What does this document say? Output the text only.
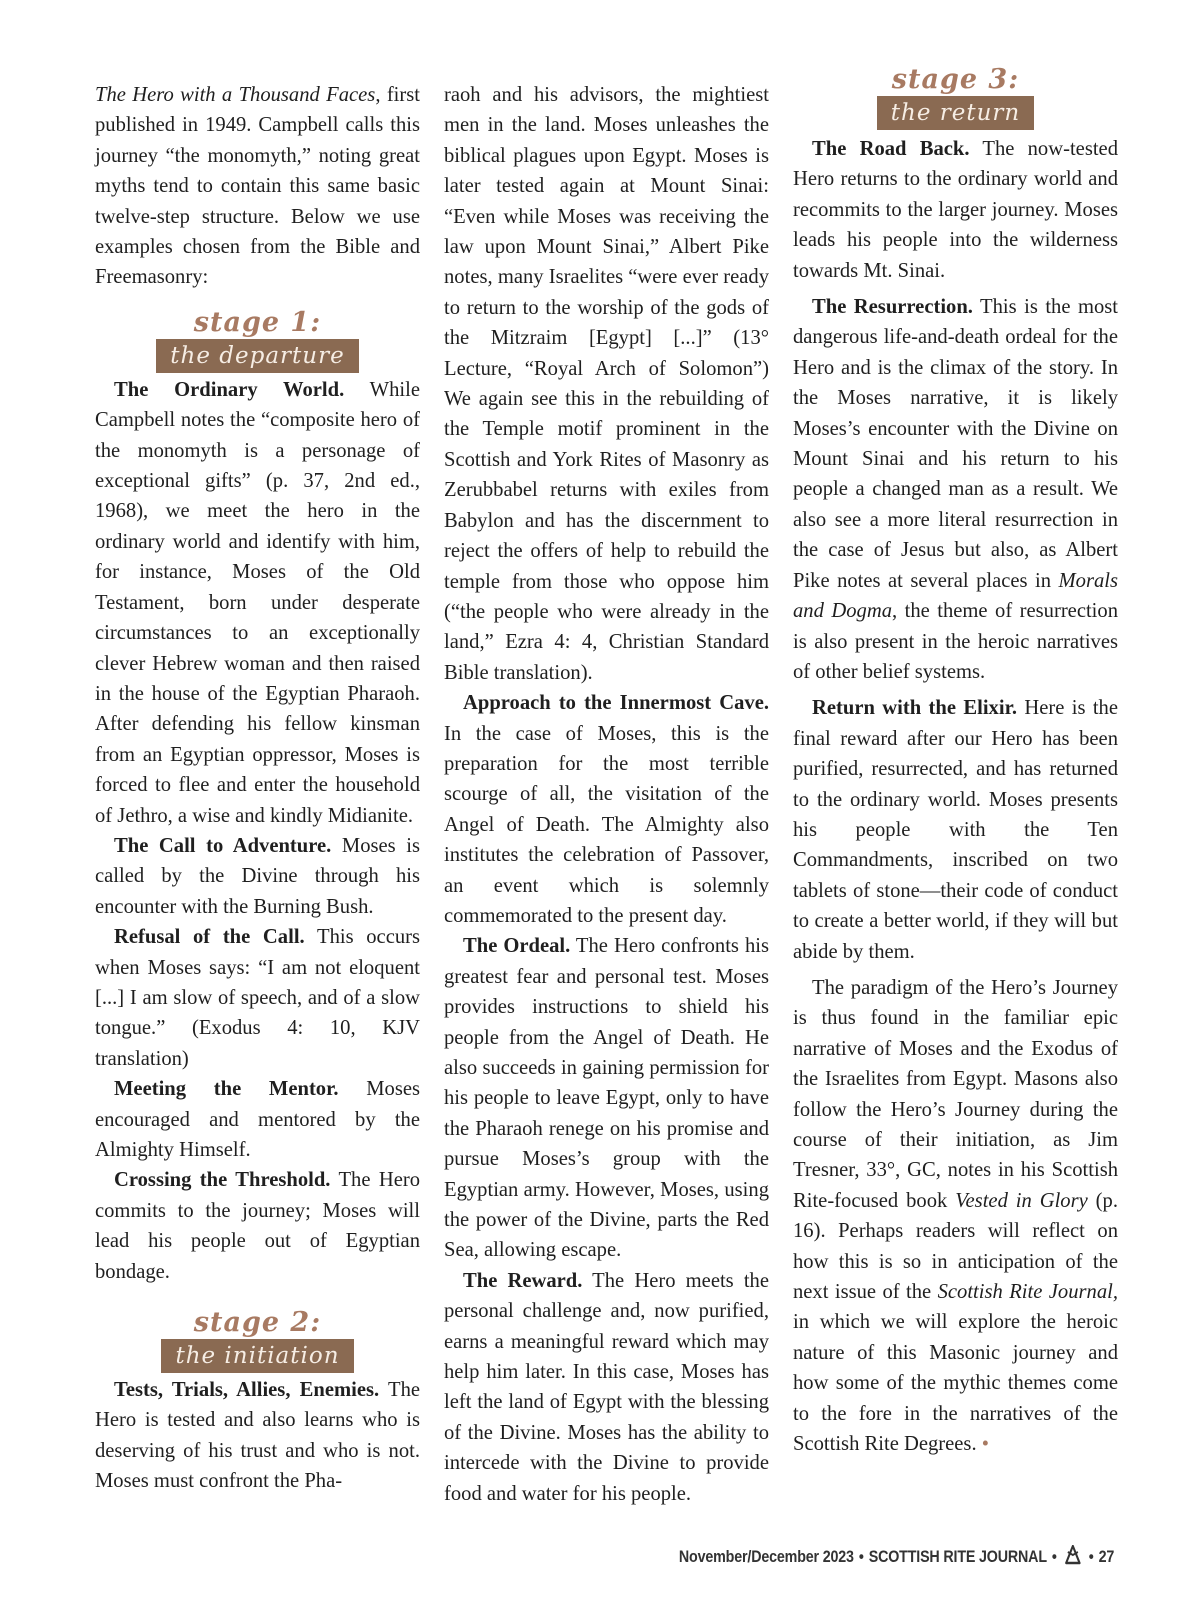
The Hero with a Thousand Faces, first published in 1949. Campbell calls this journey “the monomyth,” noting great myths tend to contain this same basic twelve-step structure. Below we use examples chosen from the Bible and Freemasonry:

stage 1:
the departure

The Ordinary World. While Campbell notes the “composite hero of the monomyth is a personage of exceptional gifts” (p. 37, 2nd ed., 1968), we meet the hero in the ordinary world and identify with him, for instance, Moses of the Old Testament, born under desperate circumstances to an exceptionally clever Hebrew woman and then raised in the house of the Egyptian Pharaoh. After defending his fellow kinsman from an Egyptian oppressor, Moses is forced to flee and enter the household of Jethro, a wise and kindly Midianite.

The Call to Adventure. Moses is called by the Divine through his encounter with the Burning Bush.

Refusal of the Call. This occurs when Moses says: “I am not eloquent [...] I am slow of speech, and of a slow tongue.” (Exodus 4: 10, KJV translation)

Meeting the Mentor. Moses encouraged and mentored by the Almighty Himself.

Crossing the Threshold. The Hero commits to the journey; Moses will lead his people out of Egyptian bondage.

stage 2:
the initiation

Tests, Trials, Allies, Enemies. The Hero is tested and also learns who is deserving of his trust and who is not. Moses must confront the Pha-

raoh and his advisors, the mightiest men in the land. Moses unleashes the biblical plagues upon Egypt. Moses is later tested again at Mount Sinai: “Even while Moses was receiving the law upon Mount Sinai,” Albert Pike notes, many Israelites “were ever ready to return to the worship of the gods of the Mitzraim [Egypt] [...]” (13° Lecture, “Royal Arch of Solomon”) We again see this in the rebuilding of the Temple motif prominent in the Scottish and York Rites of Masonry as Zerubbabel returns with exiles from Babylon and has the discernment to reject the offers of help to rebuild the temple from those who oppose him (“the people who were already in the land,” Ezra 4: 4, Christian Standard Bible translation).

Approach to the Innermost Cave. In the case of Moses, this is the preparation for the most terrible scourge of all, the visitation of the Angel of Death. The Almighty also institutes the celebration of Passover, an event which is solemnly commemorated to the present day.

The Ordeal. The Hero confronts his greatest fear and personal test. Moses provides instructions to shield his people from the Angel of Death. He also succeeds in gaining permission for his people to leave Egypt, only to have the Pharaoh renege on his promise and pursue Moses’s group with the Egyptian army. However, Moses, using the power of the Divine, parts the Red Sea, allowing escape.

The Reward. The Hero meets the personal challenge and, now purified, earns a meaningful reward which may help him later. In this case, Moses has left the land of Egypt with the blessing of the Divine. Moses has the ability to intercede with the Divine to provide food and water for his people.

stage 3:
the return

The Road Back. The now-tested Hero returns to the ordinary world and recommits to the larger journey. Moses leads his people into the wilderness towards Mt. Sinai.

The Resurrection. This is the most dangerous life-and-death ordeal for the Hero and is the climax of the story. In the Moses narrative, it is likely Moses’s encounter with the Divine on Mount Sinai and his return to his people a changed man as a result. We also see a more literal resurrection in the case of Jesus but also, as Albert Pike notes at several places in Morals and Dogma, the theme of resurrection is also present in the heroic narratives of other belief systems.

Return with the Elixir. Here is the final reward after our Hero has been purified, resurrected, and has returned to the ordinary world. Moses presents his people with the Ten Commandments, inscribed on two tablets of stone—their code of conduct to create a better world, if they will but abide by them.

The paradigm of the Hero’s Journey is thus found in the familiar epic narrative of Moses and the Exodus of the Israelites from Egypt. Masons also follow the Hero’s Journey during the course of their initiation, as Jim Tresner, 33°, GC, notes in his Scottish Rite-focused book Vested in Glory (p. 16). Perhaps readers will reflect on how this is so in anticipation of the next issue of the Scottish Rite Journal, in which we will explore the heroic nature of this Masonic journey and how some of the mythic themes come to the fore in the narratives of the Scottish Rite Degrees. •

November/December 2023 • SCOTTISH RITE JOURNAL • • 27
